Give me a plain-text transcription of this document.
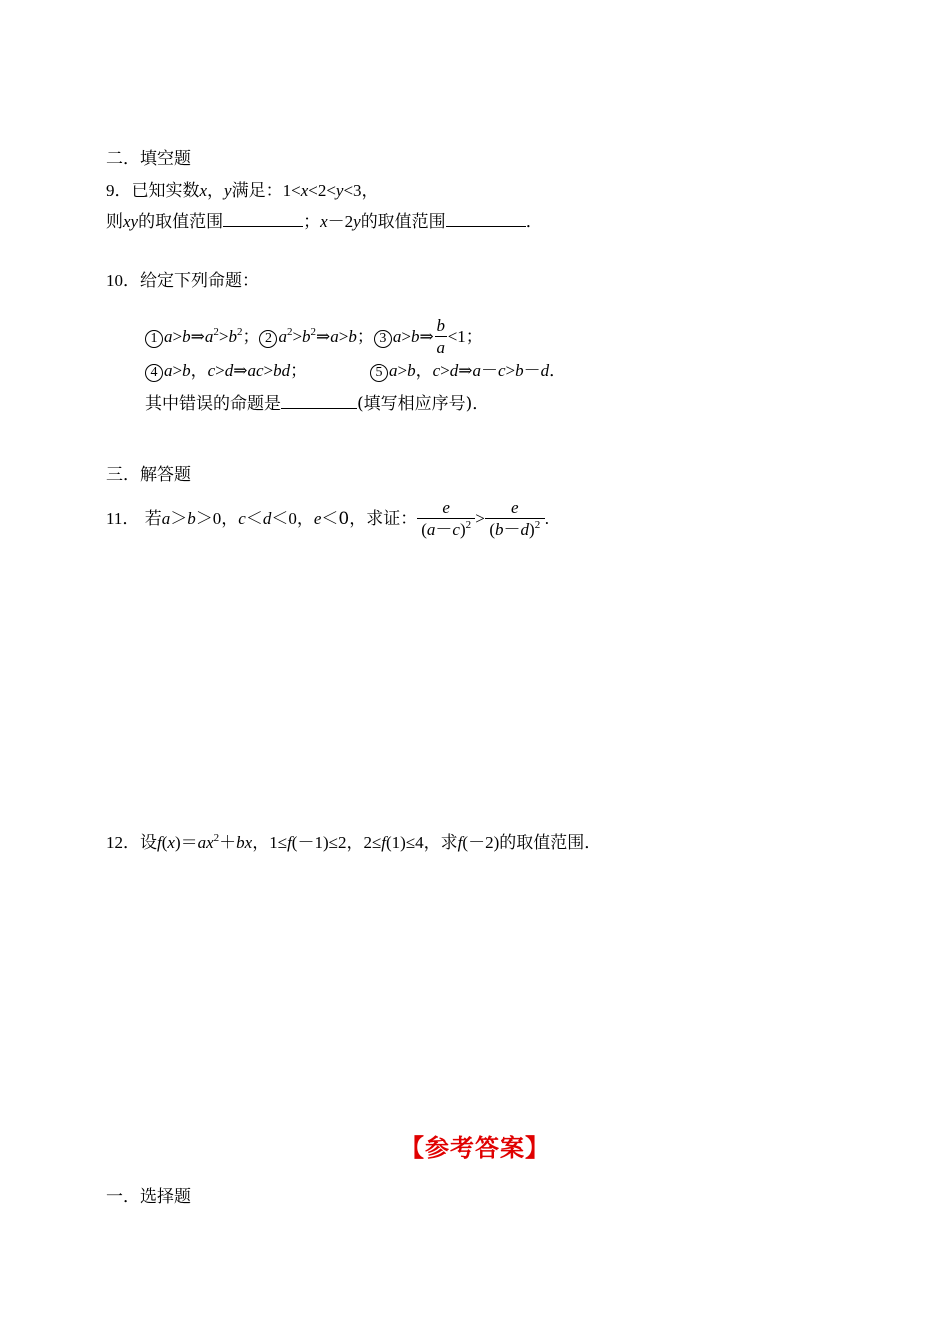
二．填空题
9．已知实数x，y满足：1<x<2<y<3，
则xy的取值范围	；x－2y的取值范围	．
10．给定下列命题：
1 $a>b\Rightarrow a^2>b^2$； 2 $a^2>b^2\Rightarrow a>b$； 3 a>b⇒ $\frac{b}{a} <1$；
4 a>b，c>d⇒ac>bd；	5 a>b，c>d⇒a－c>b－d．
其中错误的命题是	(填写相应序号)．
三．解答题
11． 若a＞b＞0，c＜d＜0，e＜0，求证： $\frac{e}{(a-c)^2} > \frac{e}{(b-d)^2}$ .
12．设$f(x)=ax^2+bx$，1≤f(－1)≤2，2≤f(1)≤4，求f(－2)的取值范围．
【参考答案】
一．选择题
